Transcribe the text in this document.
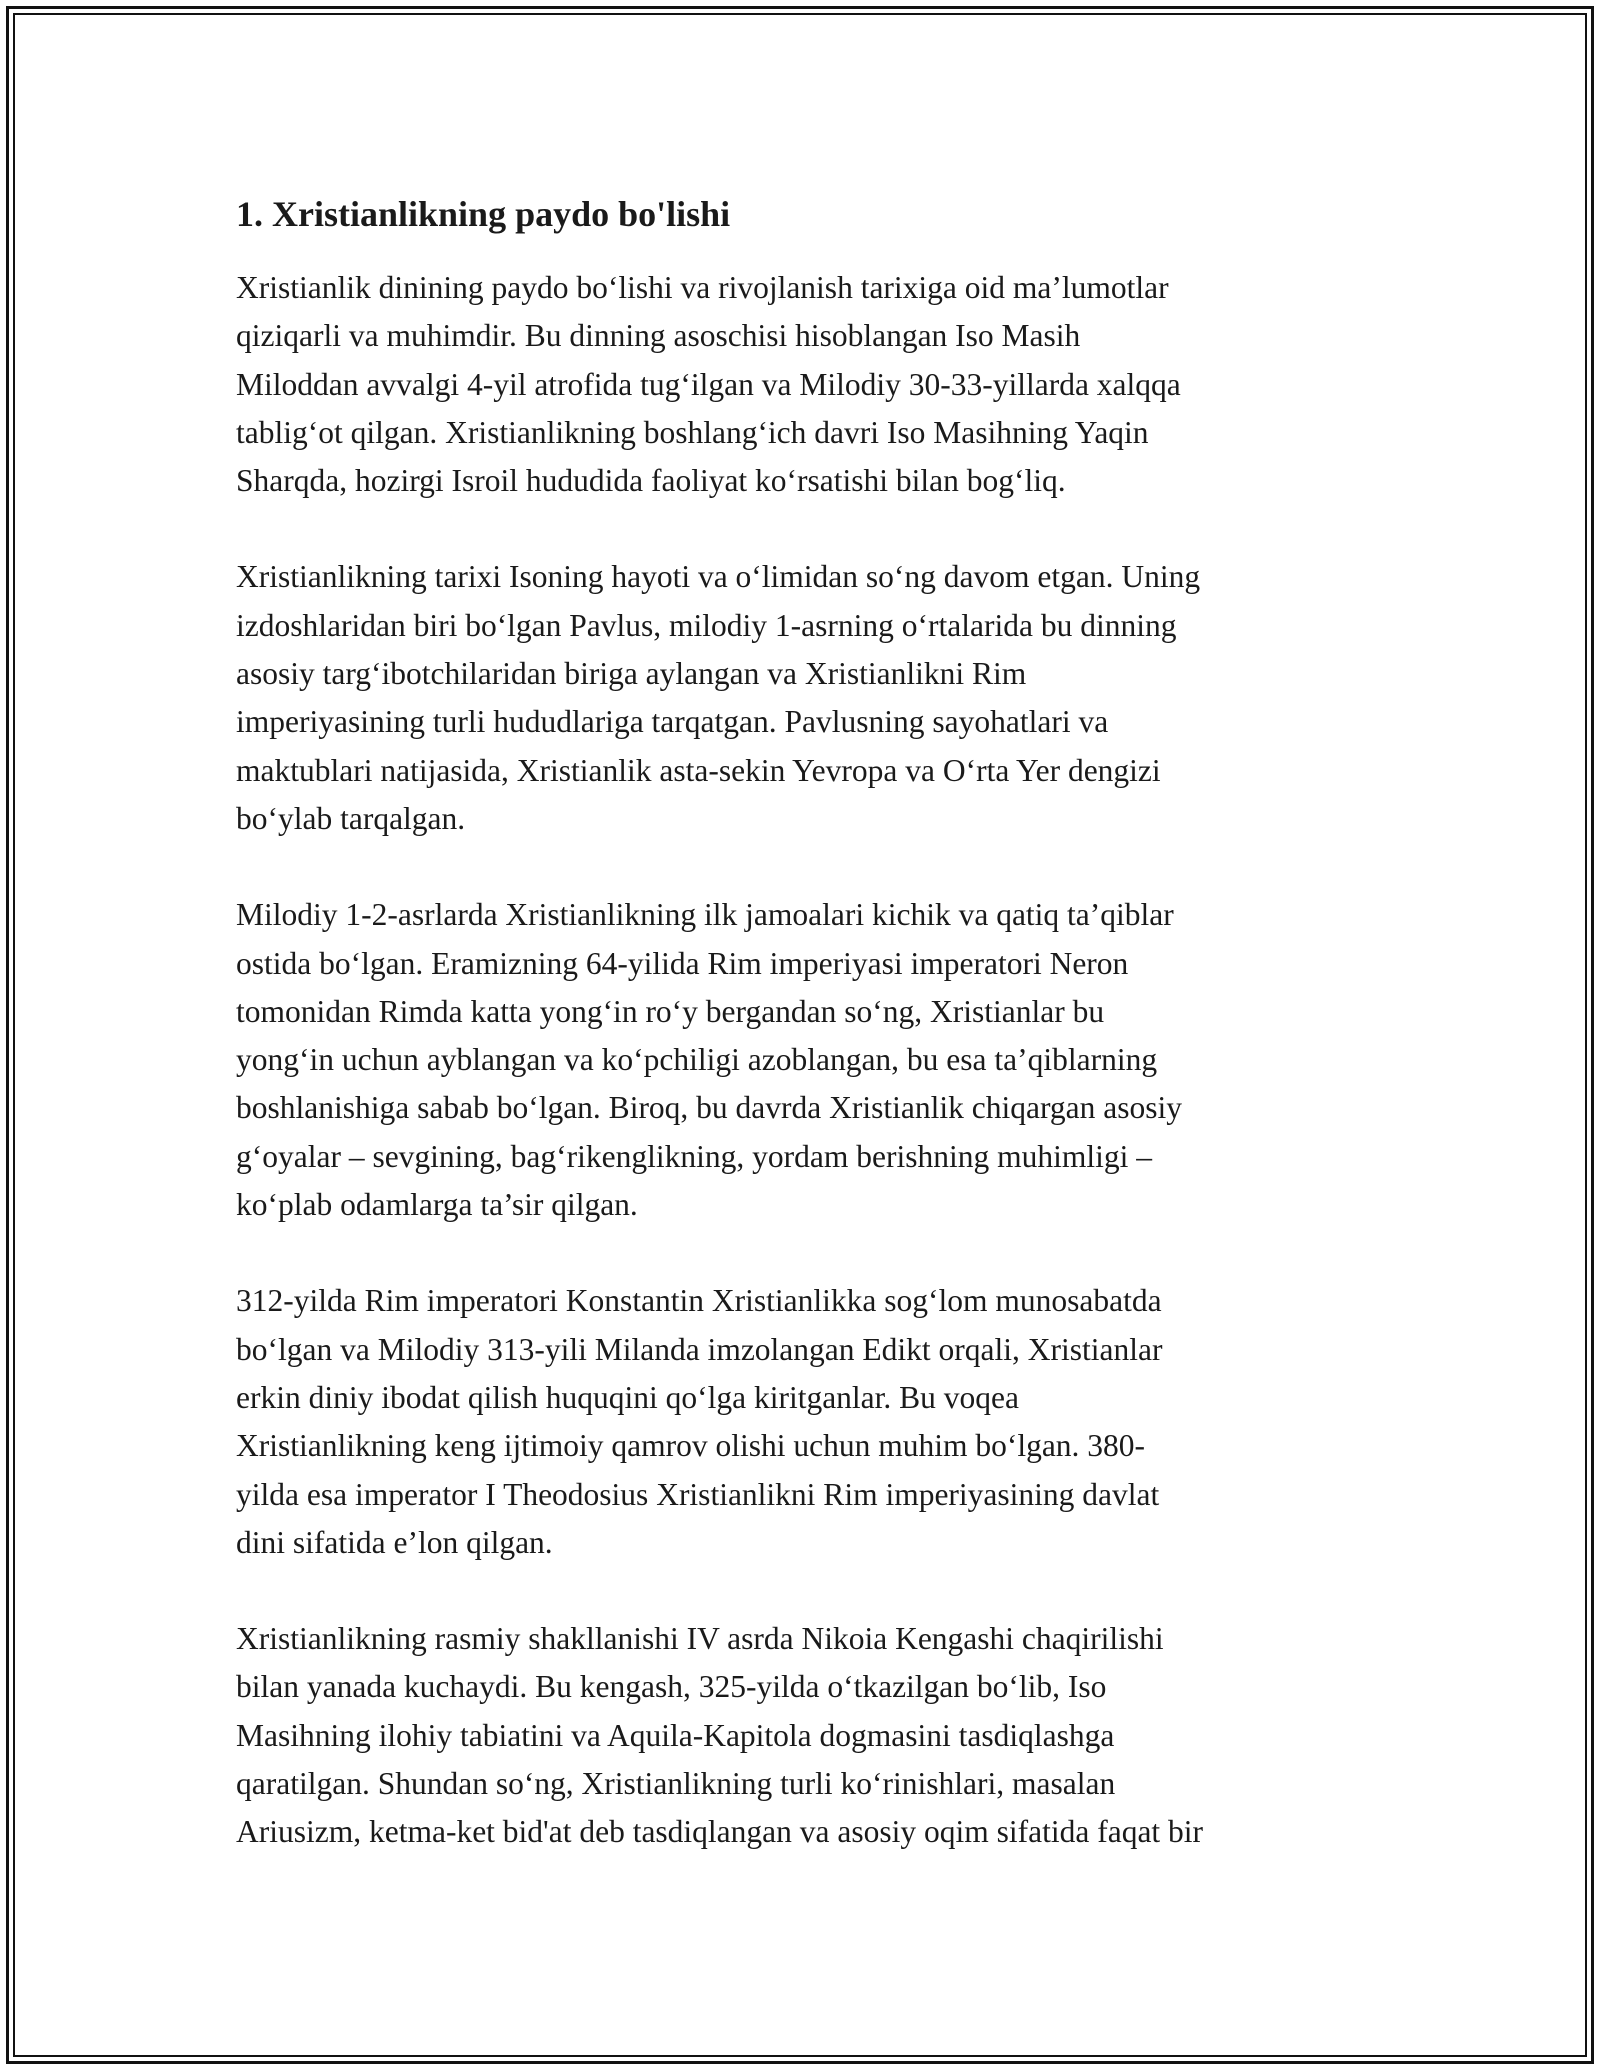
1. Xristianlikning paydo bo'lishi

Xristianlik dinining paydo bo‘lishi va rivojlanish tarixiga oid ma’lumotlar
qiziqarli va muhimdir. Bu dinning asoschisi hisoblangan Iso Masih
Miloddan avvalgi 4-yil atrofida tug‘ilgan va Milodiy 30-33-yillarda xalqqa
tablig‘ot qilgan. Xristianlikning boshlang‘ich davri Iso Masihning Yaqin
Sharqda, hozirgi Isroil hududida faoliyat ko‘rsatishi bilan bog‘liq.

Xristianlikning tarixi Isoning hayoti va o‘limidan so‘ng davom etgan. Uning
izdoshlaridan biri bo‘lgan Pavlus, milodiy 1-asrning o‘rtalarida bu dinning
asosiy targ‘ibotchilaridan biriga aylangan va Xristianlikni Rim
imperiyasining turli hududlariga tarqatgan. Pavlusning sayohatlari va
maktublari natijasida, Xristianlik asta-sekin Yevropa va O‘rta Yer dengizi
bo‘ylab tarqalgan.

Milodiy 1-2-asrlarda Xristianlikning ilk jamoalari kichik va qatiq ta’qiblar
ostida bo‘lgan. Eramizning 64-yilida Rim imperiyasi imperatori Neron
tomonidan Rimda katta yong‘in ro‘y bergandan so‘ng, Xristianlar bu
yong‘in uchun ayblangan va ko‘pchiligi azoblangan, bu esa ta’qiblarning
boshlanishiga sabab bo‘lgan. Biroq, bu davrda Xristianlik chiqargan asosiy
g‘oyalar – sevgining, bag‘rikenglikning, yordam berishning muhimligi –
ko‘plab odamlarga ta’sir qilgan.

312-yilda Rim imperatori Konstantin Xristianlikka sog‘lom munosabatda
bo‘lgan va Milodiy 313-yili Milanda imzolangan Edikt orqali, Xristianlar
erkin diniy ibodat qilish huquqini qo‘lga kiritganlar. Bu voqea
Xristianlikning keng ijtimoiy qamrov olishi uchun muhim bo‘lgan. 380-
yilda esa imperator I Theodosius Xristianlikni Rim imperiyasining davlat
dini sifatida e’lon qilgan.

Xristianlikning rasmiy shakllanishi IV asrda Nikoia Kengashi chaqirilishi
bilan yanada kuchaydi. Bu kengash, 325-yilda o‘tkazilgan bo‘lib, Iso
Masihning ilohiy tabiatini va Aquila-Kapitola dogmasini tasdiqlashga
qaratilgan. Shundan so‘ng, Xristianlikning turli ko‘rinishlari, masalan
Ariusizm, ketma-ket bid'at deb tasdiqlangan va asosiy oqim sifatida faqat bir
